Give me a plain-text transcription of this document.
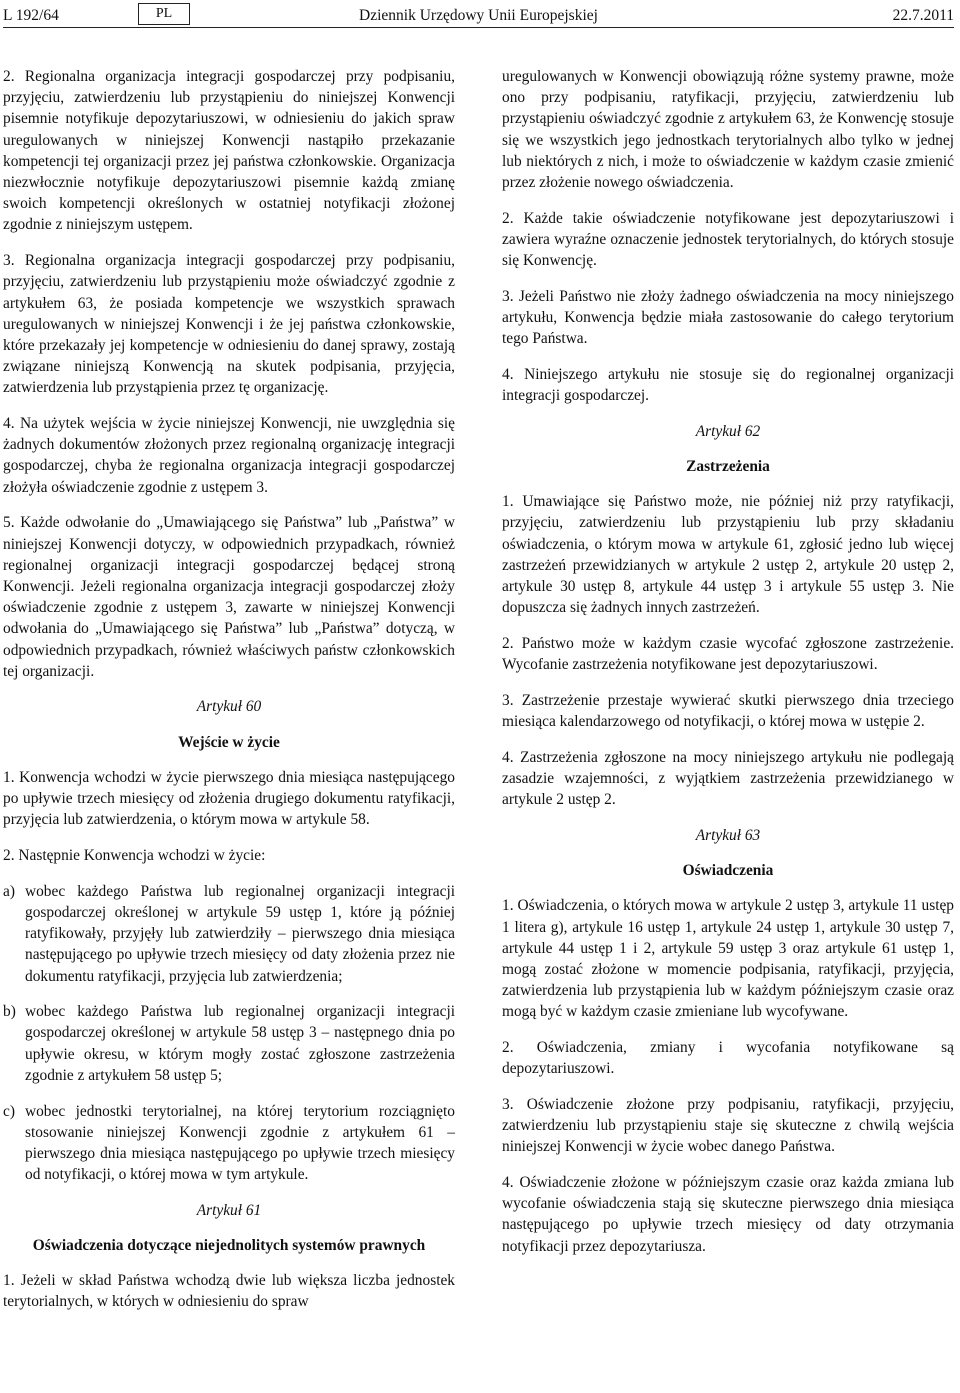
L 192/64	PL	Dziennik Urzędowy Unii Europejskiej	22.7.2011

2. Regionalna organizacja integracji gospodarczej przy podpisaniu, przyjęciu, zatwierdzeniu lub przystąpieniu do niniejszej Konwencji pisemnie notyfikuje depozytariuszowi, w odniesieniu do jakich spraw uregulowanych w niniejszej Konwencji nastąpiło przekazanie kompetencji tej organizacji przez jej państwa członkowskie. Organizacja niezwłocznie notyfikuje depozytariuszowi pisemnie każdą zmianę swoich kompetencji określonych w ostatniej notyfikacji złożonej zgodnie z niniejszym ustępem.

3. Regionalna organizacja integracji gospodarczej przy podpisaniu, przyjęciu, zatwierdzeniu lub przystąpieniu może oświadczyć zgodnie z artykułem 63, że posiada kompetencje we wszystkich sprawach uregulowanych w niniejszej Konwencji i że jej państwa członkowskie, które przekazały jej kompetencje w odniesieniu do danej sprawy, zostają związane niniejszą Konwencją na skutek podpisania, przyjęcia, zatwierdzenia lub przystąpienia przez tę organizację.

4. Na użytek wejścia w życie niniejszej Konwencji, nie uwzględnia się żadnych dokumentów złożonych przez regionalną organizację integracji gospodarczej, chyba że regionalna organizacja integracji gospodarczej złożyła oświadczenie zgodnie z ustępem 3.

5. Każde odwołanie do „Umawiającego się Państwa” lub „Państwa” w niniejszej Konwencji dotyczy, w odpowiednich przypadkach, również regionalnej organizacji integracji gospodarczej będącej stroną Konwencji. Jeżeli regionalna organizacja integracji gospodarczej złoży oświadczenie zgodnie z ustępem 3, zawarte w niniejszej Konwencji odwołania do „Umawiającego się Państwa” lub „Państwa” dotyczą, w odpowiednich przypadkach, również właściwych państw członkowskich tej organizacji.

Artykuł 60
Wejście w życie

1. Konwencja wchodzi w życie pierwszego dnia miesiąca następującego po upływie trzech miesięcy od złożenia drugiego dokumentu ratyfikacji, przyjęcia lub zatwierdzenia, o którym mowa w artykule 58.

2. Następnie Konwencja wchodzi w życie:

a) wobec każdego Państwa lub regionalnej organizacji integracji gospodarczej określonej w artykule 59 ustęp 1, które ją później ratyfikowały, przyjęły lub zatwierdziły – pierwszego dnia miesiąca następującego po upływie trzech miesięcy od daty złożenia przez nie dokumentu ratyfikacji, przyjęcia lub zatwierdzenia;
b) wobec każdego Państwa lub regionalnej organizacji integracji gospodarczej określonej w artykule 58 ustęp 3 – następnego dnia po upływie okresu, w którym mogły zostać zgłoszone zastrzeżenia zgodnie z artykułem 58 ustęp 5;
c) wobec jednostki terytorialnej, na której terytorium rozciągnięto stosowanie niniejszej Konwencji zgodnie z artykułem 61 – pierwszego dnia miesiąca następującego po upływie trzech miesięcy od notyfikacji, o której mowa w tym artykule.
Artykuł 61
Oświadczenia dotyczące niejednolitych systemów prawnych

1. Jeżeli w skład Państwa wchodzą dwie lub większa liczba jednostek terytorialnych, w których w odniesieniu do spraw

uregulowanych w Konwencji obowiązują różne systemy prawne, może ono przy podpisaniu, ratyfikacji, przyjęciu, zatwierdzeniu lub przystąpieniu oświadczyć zgodnie z artykułem 63, że Konwencję stosuje się we wszystkich jego jednostkach terytorialnych albo tylko w jednej lub niektórych z nich, i może to oświadczenie w każdym czasie zmienić przez złożenie nowego oświadczenia.

2. Każde takie oświadczenie notyfikowane jest depozytariuszowi i zawiera wyraźne oznaczenie jednostek terytorialnych, do których stosuje się Konwencję.

3. Jeżeli Państwo nie złoży żadnego oświadczenia na mocy niniejszego artykułu, Konwencja będzie miała zastosowanie do całego terytorium tego Państwa.

4. Niniejszego artykułu nie stosuje się do regionalnej organizacji integracji gospodarczej.

Artykuł 62
Zastrzeżenia

1. Umawiające się Państwo może, nie później niż przy ratyfikacji, przyjęciu, zatwierdzeniu lub przystąpieniu lub przy składaniu oświadczenia, o którym mowa w artykule 61, zgłosić jedno lub więcej zastrzeżeń przewidzianych w artykule 2 ustęp 2, artykule 20 ustęp 2, artykule 30 ustęp 8, artykule 44 ustęp 3 i artykule 55 ustęp 3. Nie dopuszcza się żadnych innych zastrzeżeń.

2. Państwo może w każdym czasie wycofać zgłoszone zastrzeżenie. Wycofanie zastrzeżenia notyfikowane jest depozytariuszowi.

3. Zastrzeżenie przestaje wywierać skutki pierwszego dnia trzeciego miesiąca kalendarzowego od notyfikacji, o której mowa w ustępie 2.

4. Zastrzeżenia zgłoszone na mocy niniejszego artykułu nie podlegają zasadzie wzajemności, z wyjątkiem zastrzeżenia przewidzianego w artykule 2 ustęp 2.

Artykuł 63
Oświadczenia

1. Oświadczenia, o których mowa w artykule 2 ustęp 3, artykule 11 ustęp 1 litera g), artykule 16 ustęp 1, artykule 24 ustęp 1, artykule 30 ustęp 7, artykule 44 ustęp 1 i 2, artykule 59 ustęp 3 oraz artykule 61 ustęp 1, mogą zostać złożone w momencie podpisania, ratyfikacji, przyjęcia, zatwierdzenia lub przystąpienia lub w każdym późniejszym czasie oraz mogą być w każdym czasie zmieniane lub wycofywane.

2. Oświadczenia, zmiany i wycofania notyfikowane są depozytariuszowi.

3. Oświadczenie złożone przy podpisaniu, ratyfikacji, przyjęciu, zatwierdzeniu lub przystąpieniu staje się skuteczne z chwilą wejścia niniejszej Konwencji w życie wobec danego Państwa.

4. Oświadczenie złożone w późniejszym czasie oraz każda zmiana lub wycofanie oświadczenia stają się skuteczne pierwszego dnia miesiąca następującego po upływie trzech miesięcy od daty otrzymania notyfikacji przez depozytariusza.
